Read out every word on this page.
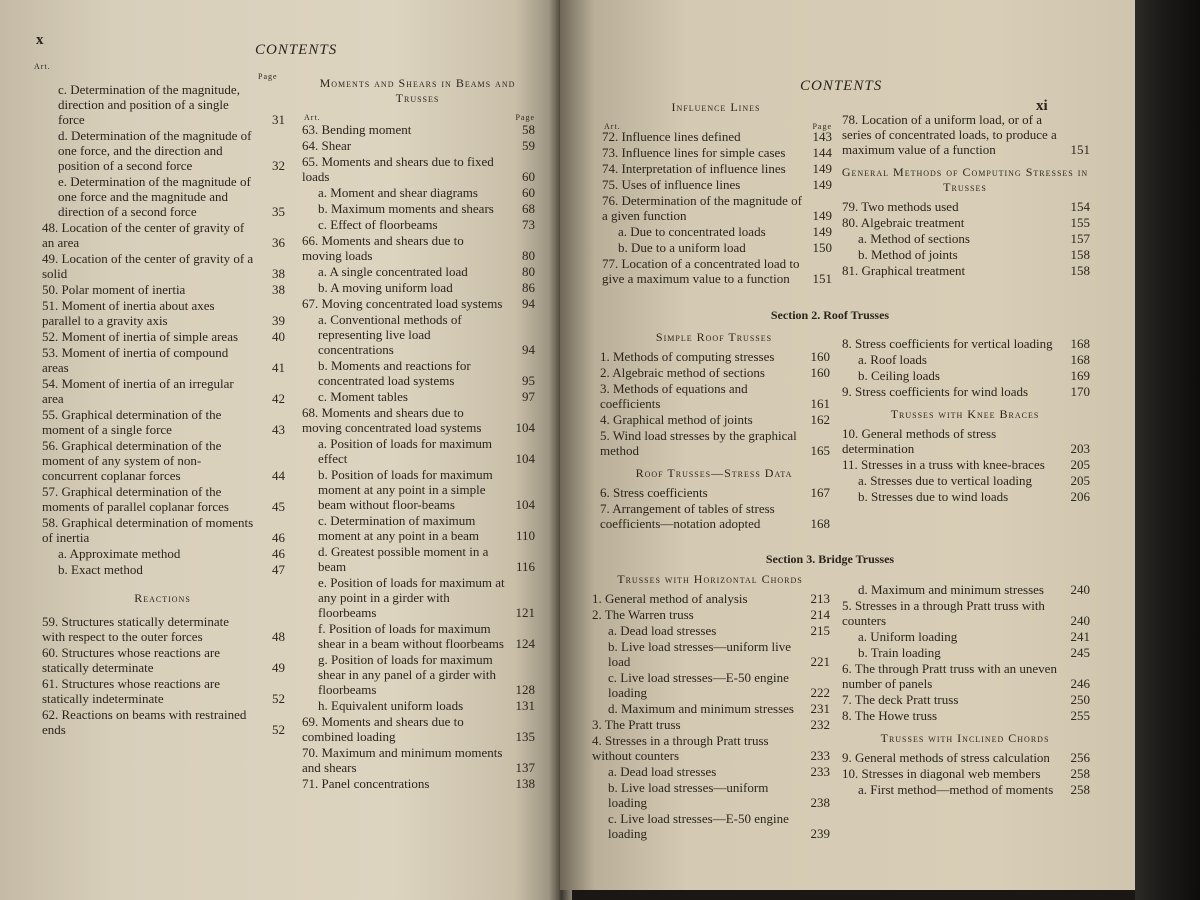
x
CONTENTS
Art.
Page
c. Determination of the magnitude, direction and position of a single force	31
d. Determination of the magnitude of one force, and the direction and position of a second force	32
e. Determination of the magnitude of one force and the magnitude and direction of a second force	35
48. Location of the center of gravity of an area	36
49. Location of the center of gravity of a solid	38
50. Polar moment of inertia	38
51. Moment of inertia about axes parallel to a gravity axis	39
52. Moment of inertia of simple areas	40
53. Moment of inertia of compound areas	41
54. Moment of inertia of an irregular area	42
55. Graphical determination of the moment of a single force	43
56. Graphical determination of the moment of any system of non-concurrent coplanar forces	44
57. Graphical determination of the moments of parallel coplanar forces	45
58. Graphical determination of moments of inertia	46
a. Approximate method	46
b. Exact method	47
Reactions
59. Structures statically determinate with respect to the outer forces	48
60. Structures whose reactions are statically determinate	49
61. Structures whose reactions are statically indeterminate	52
62. Reactions on beams with restrained ends	52
Moments and Shears in Beams and Trusses
Art.	Page
63. Bending moment	58
64. Shear	59
65. Moments and shears due to fixed loads	60
a. Moment and shear diagrams	60
b. Maximum moments and shears	68
c. Effect of floorbeams	73
66. Moments and shears due to moving loads	80
a. A single concentrated load	80
b. A moving uniform load	86
67. Moving concentrated load systems	94
a. Conventional methods of representing live load concentrations	94
b. Moments and reactions for concentrated load systems	95
c. Moment tables	97
68. Moments and shears due to moving concentrated load systems	104
a. Position of loads for maximum effect	104
b. Position of loads for maximum moment at any point in a simple beam without floor-beams	104
c. Determination of maximum moment at any point in a beam	110
d. Greatest possible moment in a beam	116
e. Position of loads for maximum at any point in a girder with floorbeams	121
f. Position of loads for maximum shear in a beam without floorbeams 124
g. Position of loads for maximum shear in any panel of a girder with floorbeams	128
h. Equivalent uniform loads	131
69. Moments and shears due to combined loading	135
70. Maximum and minimum moments and shears	137
71. Panel concentrations	138
CONTENTS
xi
Influence Lines
Art.	Page
72. Influence lines defined	143
73. Influence lines for simple cases	144
74. Interpretation of influence lines	149
75. Uses of influence lines	149
76. Determination of the magnitude of a given function	149
a. Due to concentrated loads	149
b. Due to a uniform load	150
77. Location of a concentrated load to give a maximum value to a function	151
78. Location of a uniform load, or of a series of concentrated loads, to produce a maximum value of a function	151
General Methods of Computing Stresses in Trusses
79. Two methods used	154
80. Algebraic treatment	155
a. Method of sections	157
b. Method of joints	158
81. Graphical treatment	158
Section 2. Roof Trusses
Simple Roof Trusses
1. Methods of computing stresses	160
2. Algebraic method of sections	160
3. Methods of equations and coefficients	161
4. Graphical method of joints	162
5. Wind load stresses by the graphical method	165
Roof Trusses—Stress Data
6. Stress coefficients	167
7. Arrangement of tables of stress coefficients—notation adopted	168
8. Stress coefficients for vertical loading	168
a. Roof loads	168
b. Ceiling loads	169
9. Stress coefficients for wind loads	170
Trusses with Knee Braces
10. General methods of stress determination	203
11. Stresses in a truss with knee-braces	205
a. Stresses due to vertical loading	205
b. Stresses due to wind loads	206
Section 3. Bridge Trusses
Trusses with Horizontal Chords
1. General method of analysis	213
2. The Warren truss	214
a. Dead load stresses	215
b. Live load stresses—uniform live load	221
c. Live load stresses—E-50 engine loading	222
d. Maximum and minimum stresses	231
3. The Pratt truss	232
4. Stresses in a through Pratt truss without counters	233
a. Dead load stresses	233
b. Live load stresses—uniform loading	238
c. Live load stresses—E-50 engine loading	239
d. Maximum and minimum stresses	240
5. Stresses in a through Pratt truss with counters	240
a. Uniform loading	241
b. Train loading	245
6. The through Pratt truss with an uneven number of panels	246
7. The deck Pratt truss	250
8. The Howe truss	255
Trusses with Inclined Chords
9. General methods of stress calculation	256
10. Stresses in diagonal web members	258
a. First method—method of moments	258
